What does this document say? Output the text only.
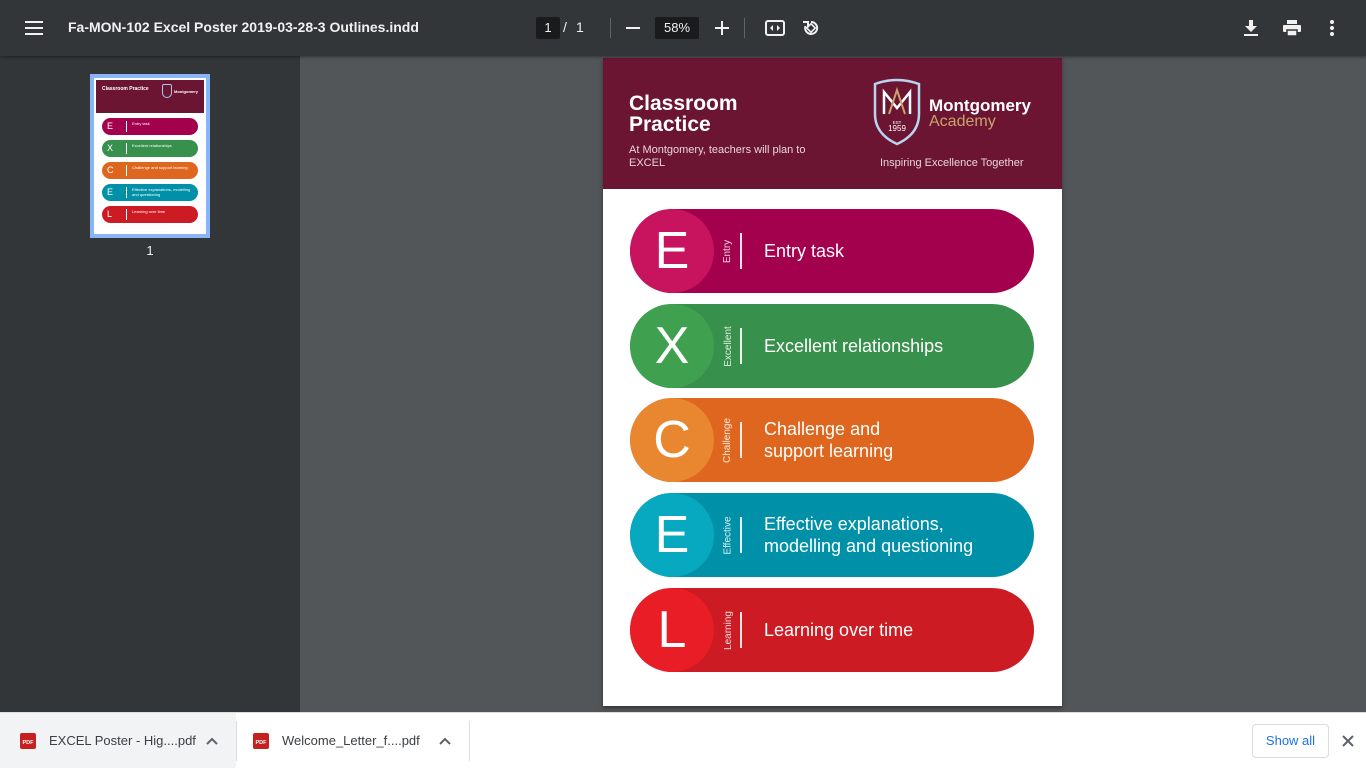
Fa-MON-102 Excel Poster 2019-03-28-3 Outlines.indd	1 / 1	58%
Classroom Practice	Montgomery
E	Entry task
X	Excellent relationships
C	Challenge and support learning
E	Effective explanations, modelling and questioning
L	Learning over time
1
Classroom Practice
At Montgomery, teachers will plan to EXCEL
EST
1959
Montgomery
Academy
Inspiring Excellence Together
E	Entry Entry task
X	Excellent Excellent relationships
C	Challenge Challenge and support learning
E	Effective Effective explanations, modelling and questioning
L	Learning Learning over time
PDF EXCEL Poster - Hig....pdf	PDF Welcome_Letter_f....pdf	Show all
